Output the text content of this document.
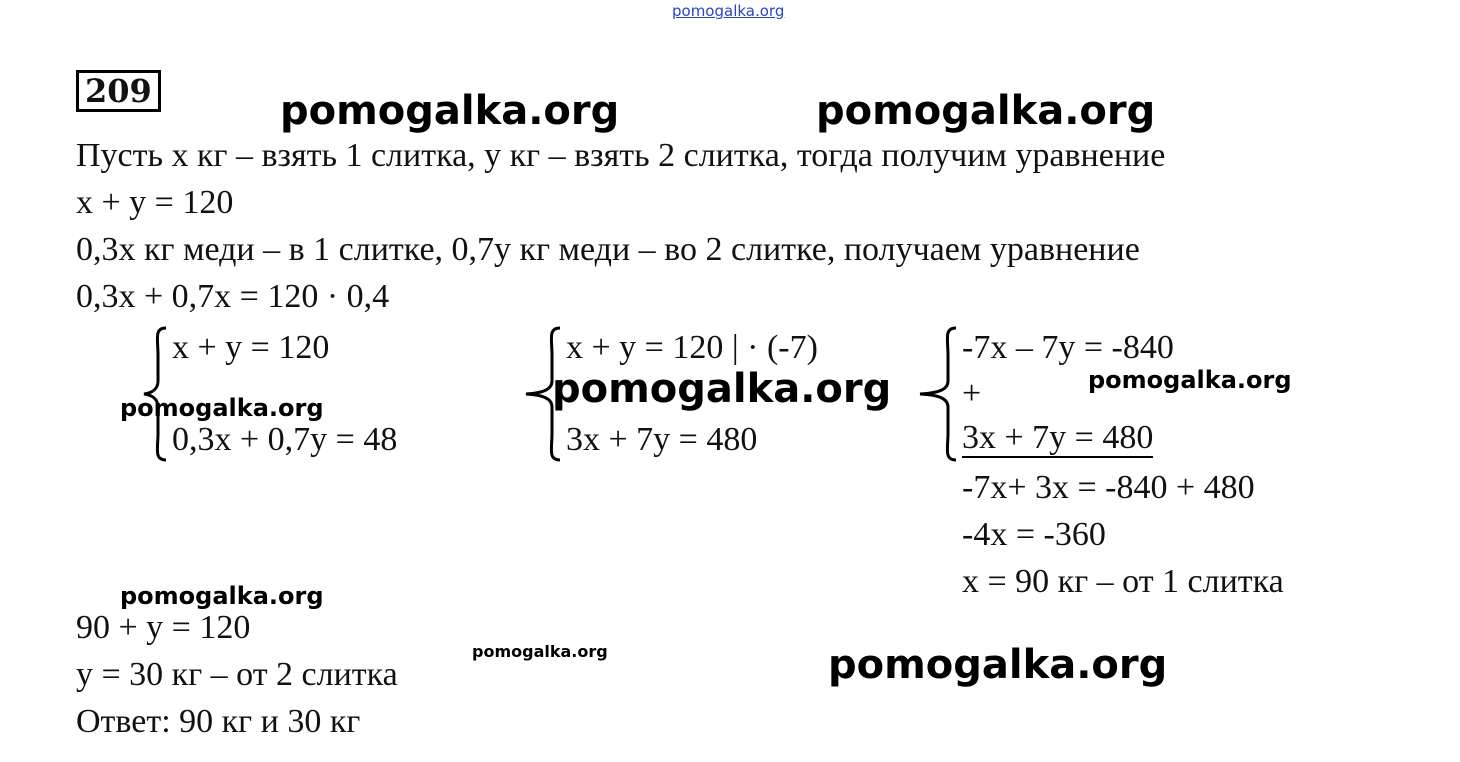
pomogalka.org
209	pomogalka.org	pomogalka.org
pomogalka.org	pomogalka.org
pomogalka.org
pomogalka.org
pomogalka.org	pomogalka.org
Пусть х кг – взять 1 слитка, у кг – взять 2 слитка, тогда получим уравнение
х + у = 120
0,3х кг меди – в 1 слитке, 0,7у кг меди – во 2 слитке, получаем уравнение
0,3х + 0,7х = 120 · 0,4
х + у = 120
0,3х + 0,7у = 48
х + у = 120 | · (-7)
3х + 7у = 480
-7х – 7у = -840
+
3х + 7у = 480
-7х+ 3х = -840 + 480
-4х = -360
х = 90 кг – от 1 слитка
90 + у = 120
у = 30 кг – от 2 слитка
Ответ: 90 кг и 30 кг
